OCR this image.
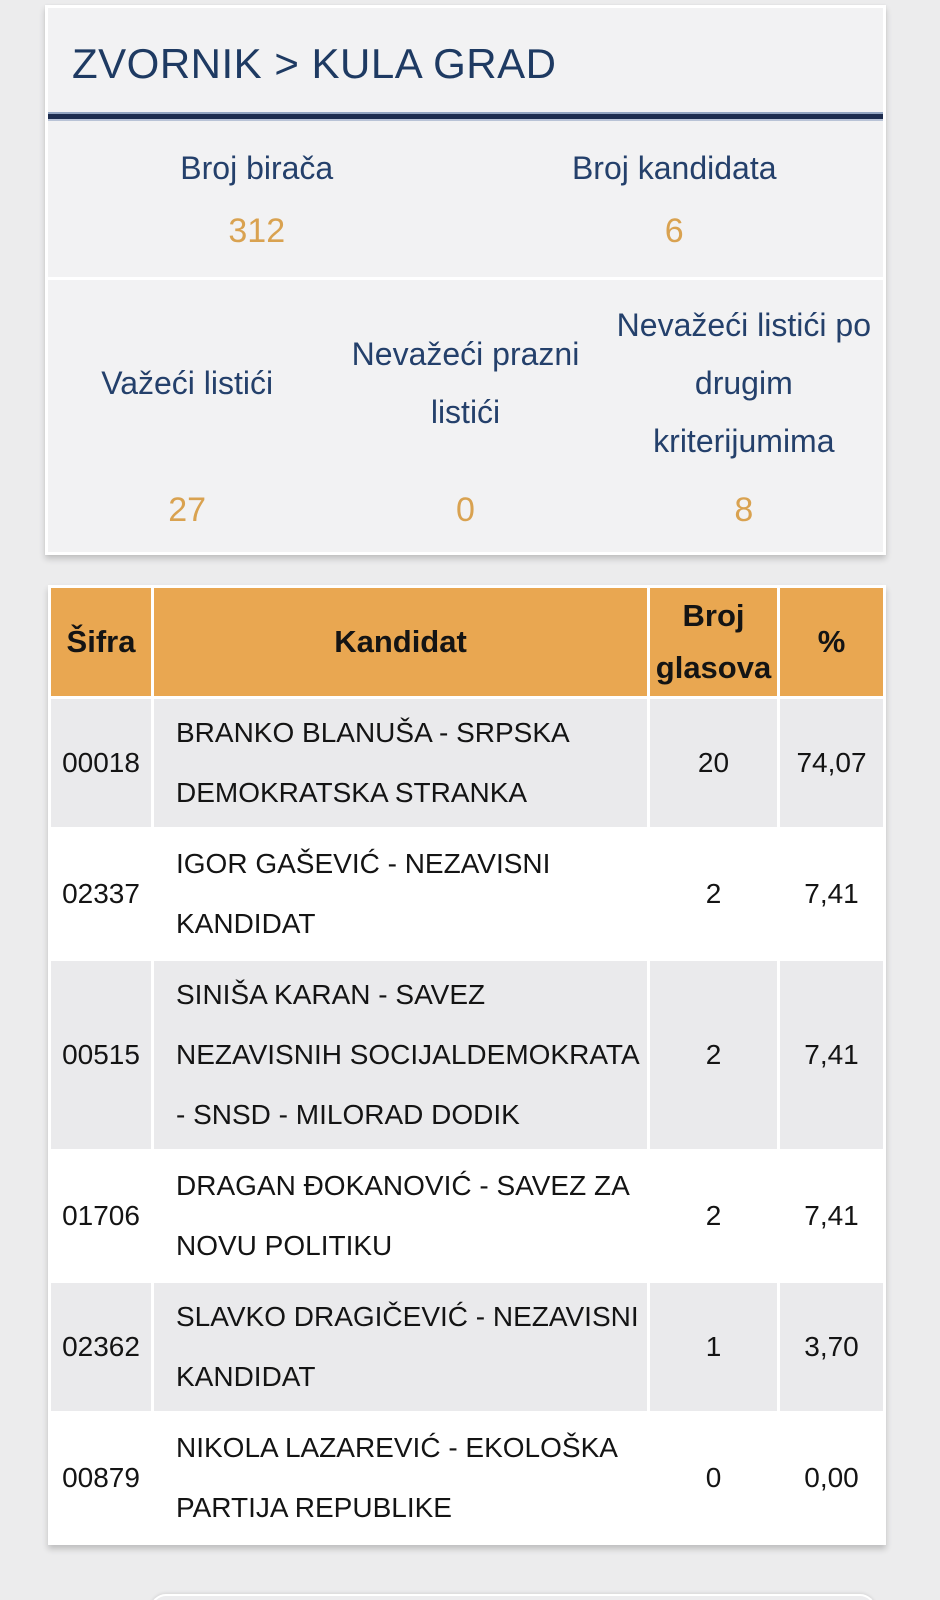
ZVORNIK > KULA GRAD
Broj birača
312
Broj kandidata
6
Važeći listići
27
Nevažeći prazni listići
0
Nevažeći listići po drugim kriterijumima
8
Šifra	Kandidat	Broj glasova	%
00018	BRANKO BLANUŠA - SRPSKA DEMOKRATSKA STRANKA	20	74,07
02337	IGOR GAŠEVIĆ - NEZAVISNI KANDIDAT	2	7,41
00515	SINIŠA KARAN - SAVEZ NEZAVISNIH SOCIJALDEMOKRATA - SNSD - MILORAD DODIK	2	7,41
01706	DRAGAN ĐOKANOVIĆ - SAVEZ ZA NOVU POLITIKU	2	7,41
02362	SLAVKO DRAGIČEVIĆ - NEZAVISNI KANDIDAT	1	3,70
00879	NIKOLA LAZAREVIĆ - EKOLOŠKA PARTIJA REPUBLIKE	0	0,00
